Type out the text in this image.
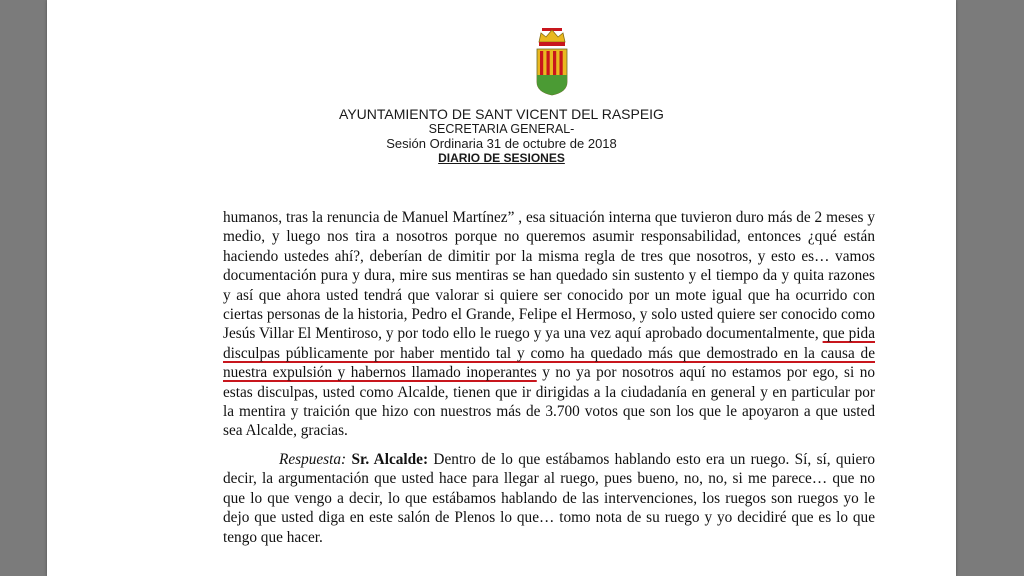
AYUNTAMIENTO DE SANT VICENT DEL RASPEIG
SECRETARIA GENERAL-
Sesión Ordinaria 31 de octubre de 2018
DIARIO DE SESIONES

humanos, tras la renuncia de Manuel Martínez” , esa situación interna que tuvieron duro más de 2 meses y medio, y luego nos tira a nosotros porque no queremos asumir responsabilidad, entonces ¿qué están haciendo ustedes ahí?, deberían de dimitir por la misma regla de tres que nosotros, y esto es… vamos documentación pura y dura, mire sus mentiras se han quedado sin sustento y el tiempo da y quita razones y así que ahora usted tendrá que valorar si quiere ser conocido por un mote igual que ha ocurrido con ciertas personas de la historia, Pedro el Grande, Felipe el Hermoso, y solo usted quiere ser conocido como Jesús Villar El Mentiroso, y por todo ello le ruego y ya una vez aquí aprobado documentalmente, que pida disculpas públicamente por haber mentido tal y como ha quedado más que demostrado en la causa de nuestra expulsión y habernos llamado inoperantes y no ya por nosotros aquí no estamos por ego, si no estas disculpas, usted como Alcalde, tienen que ir dirigidas a la ciudadanía en general y en particular por la mentira y traición que hizo con nuestros más de 3.700 votos que son los que le apoyaron a que usted sea Alcalde, gracias.

Respuesta: Sr. Alcalde: Dentro de lo que estábamos hablando esto era un ruego. Sí, sí, quiero decir, la argumentación que usted hace para llegar al ruego, pues bueno, no, no, si me parece… que no que lo que vengo a decir, lo que estábamos hablando de las intervenciones, los ruegos son ruegos yo le dejo que usted diga en este salón de Plenos lo que… tomo nota de su ruego y yo decidiré que es lo que tengo que hacer.
